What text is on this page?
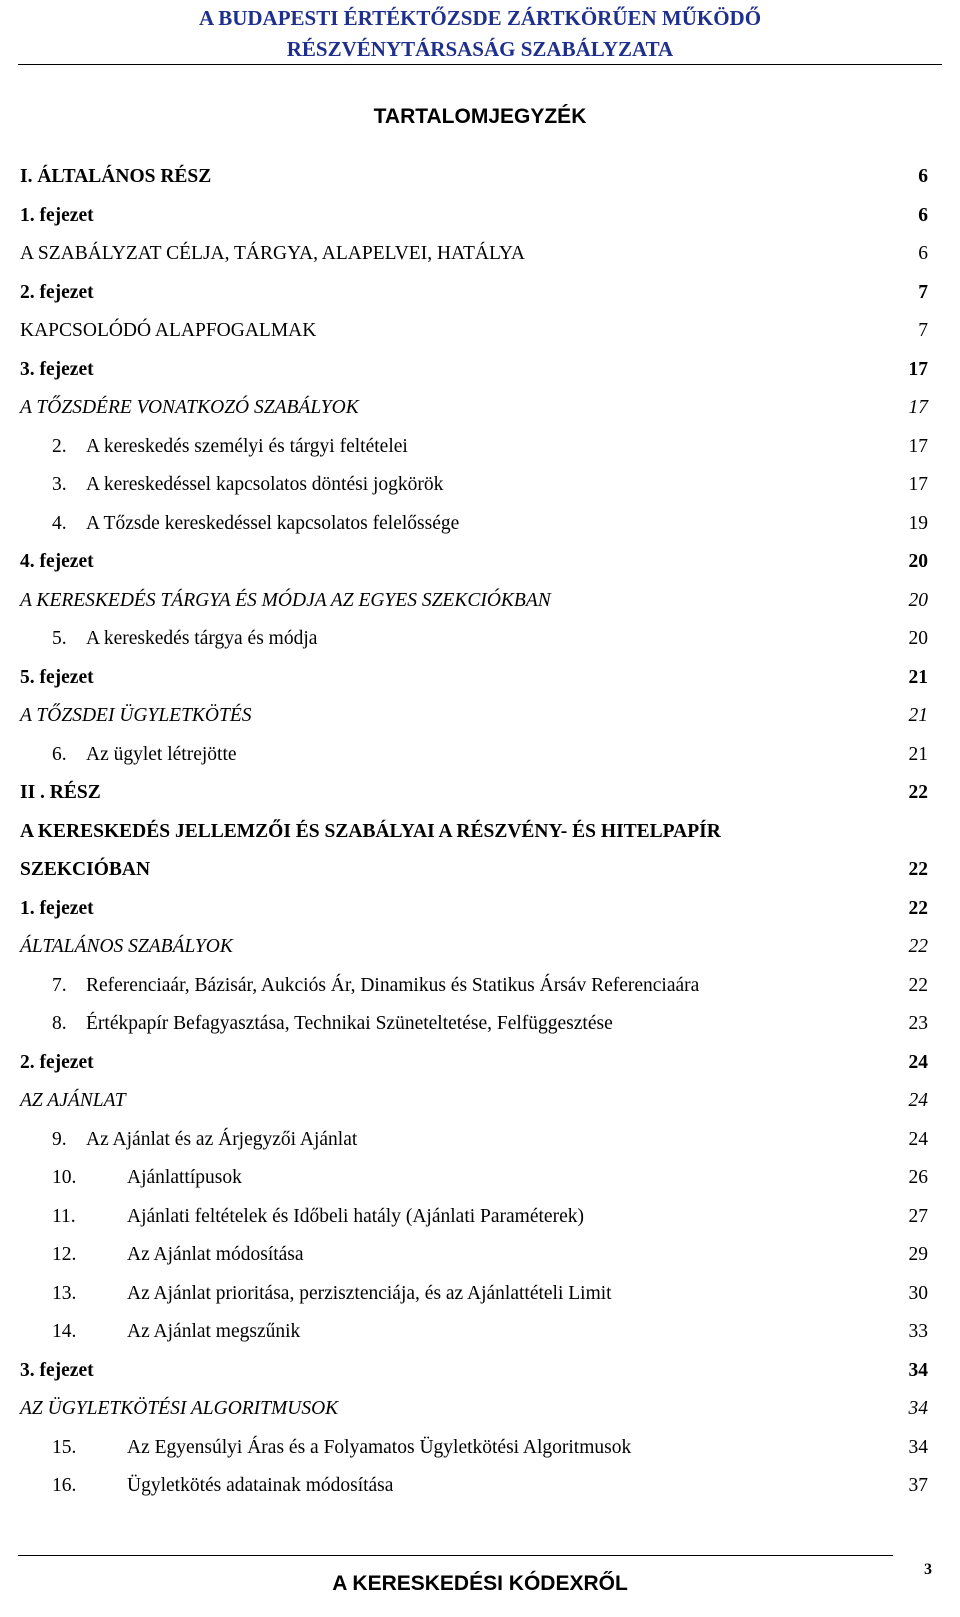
A BUDAPESTI ÉRTÉKTŐZSDE ZÁRTKÖRŰEN MŰKÖDŐ
RÉSZVÉNYTÁRSASÁG SZABÁLYZATA
TARTALOMJEGYZÉK
I. ÁLTALÁNOS RÉSZ	6
1. fejezet	6
A SZABÁLYZAT CÉLJA, TÁRGYA, ALAPELVEI, HATÁLYA	6
2. fejezet	7
KAPCSOLÓDÓ ALAPFOGALMAK	7
3. fejezet	17
A TŐZSDÉRE VONATKOZÓ SZABÁLYOK	17
2. A kereskedés személyi és tárgyi feltételei	17
3. A kereskedéssel kapcsolatos döntési jogkörök	17
4. A Tőzsde kereskedéssel kapcsolatos felelőssége	19
4. fejezet	20
A KERESKEDÉS TÁRGYA ÉS MÓDJA AZ EGYES SZEKCIÓKBAN	20
5. A kereskedés tárgya és módja	20
5. fejezet	21
A TŐZSDEI ÜGYLETKÖTÉS	21
6. Az ügylet létrejötte	21
II . RÉSZ	22
A KERESKEDÉS JELLEMZŐI ÉS SZABÁLYAI A RÉSZVÉNY- ÉS HITELPAPÍR
SZEKCIÓBAN	22
1. fejezet	22
ÁLTALÁNOS SZABÁLYOK	22
7. Referenciaár, Bázisár, Aukciós Ár, Dinamikus és Statikus Ársáv Referenciaára	22
8. Értékpapír Befagyasztása, Technikai Szüneteltetése, Felfüggesztése	23
2. fejezet	24
AZ AJÁNLAT	24
9. Az Ajánlat és az Árjegyzői Ajánlat	24
10.	Ajánlattípusok	26
11.	Ajánlati feltételek és Időbeli hatály (Ajánlati Paraméterek)	27
12.	Az Ajánlat módosítása	29
13.	Az Ajánlat prioritása, perzisztenciája, és az Ajánlattételi Limit	30
14.	Az Ajánlat megszűnik	33
3. fejezet	34
AZ ÜGYLETKÖTÉSI ALGORITMUSOK	34
15.	Az Egyensúlyi Áras és a Folyamatos Ügyletkötési Algoritmusok	34
16.	Ügyletkötés adatainak módosítása	37
3
A KERESKEDÉSI KÓDEXRŐL
